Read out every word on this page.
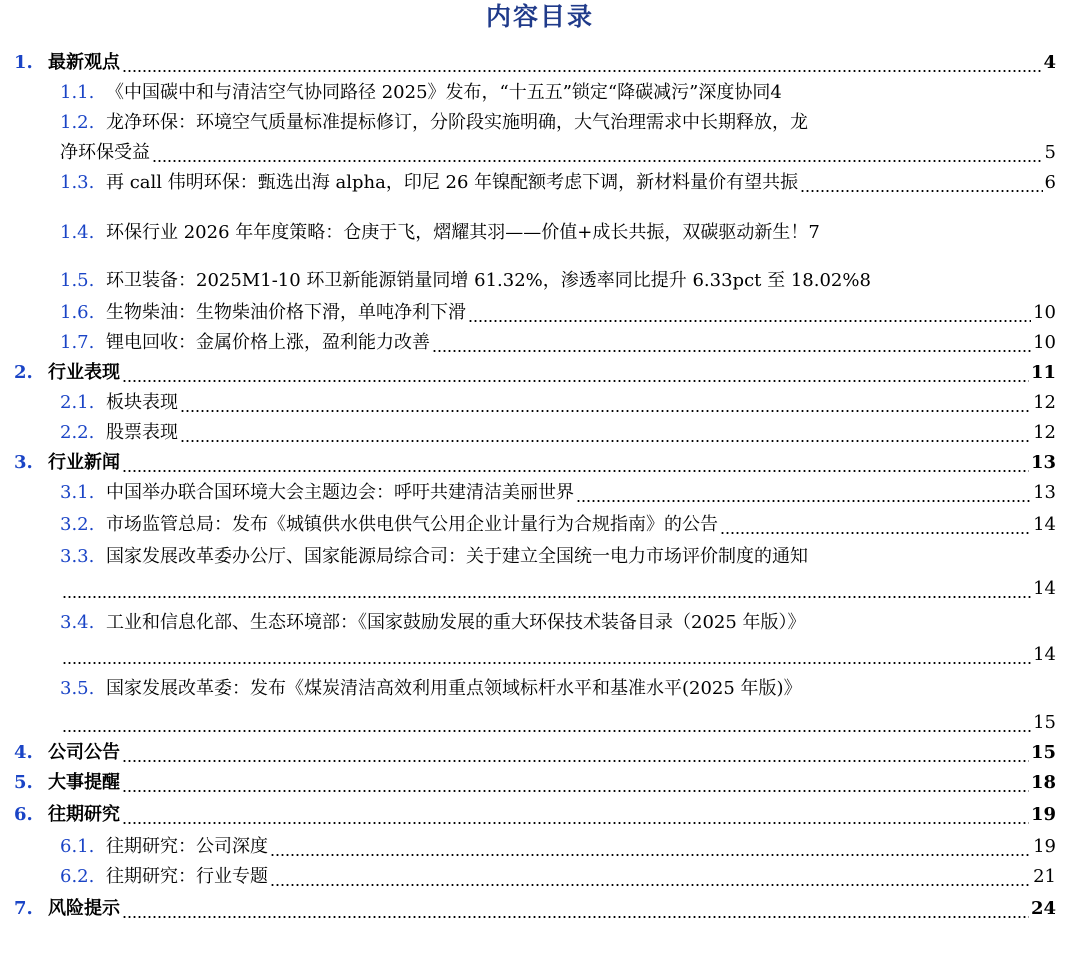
内容目录
1. 最新观点	4
1.1. 《中国碳中和与清洁空气协同路径 2025》发布，“十五五”锁定“降碳减污”深度协同 4
1.2. 龙净环保：环境空气质量标准提标修订，分阶段实施明确，大气治理需求中长期释放，龙
净环保受益	5
1.3. 再 call 伟明环保：甄选出海 alpha，印尼 26 年镍配额考虑下调，新材料量价有望共振	6
1.4. 环保行业 2026 年年度策略：仓庚于飞，熠耀其羽——价值+成长共振，双碳驱动新生！ 7
1.5. 环卫装备：2025M1-10 环卫新能源销量同增 61.32%，渗透率同比提升 6.33pct 至 18.02% 8
1.6. 生物柴油：生物柴油价格下滑，单吨净利下滑	10
1.7. 锂电回收：金属价格上涨，盈利能力改善	10
2. 行业表现	11
2.1. 板块表现	12
2.2. 股票表现	12
3. 行业新闻	13
3.1. 中国举办联合国环境大会主题边会：呼吁共建清洁美丽世界	13
3.2. 市场监管总局：发布《城镇供水供电供气公用企业计量行为合规指南》的公告	14
3.3. 国家发展改革委办公厅、国家能源局综合司：关于建立全国统一电力市场评价制度的通知
14
3.4. 工业和信息化部、生态环境部：《国家鼓励发展的重大环保技术装备目录（2025 年版）》
14
3.5. 国家发展改革委：发布《煤炭清洁高效利用重点领域标杆水平和基准水平(2025 年版)》
15
4. 公司公告	15
5. 大事提醒	18
6. 往期研究	19
6.1. 往期研究：公司深度	19
6.2. 往期研究：行业专题	21
7. 风险提示	24
